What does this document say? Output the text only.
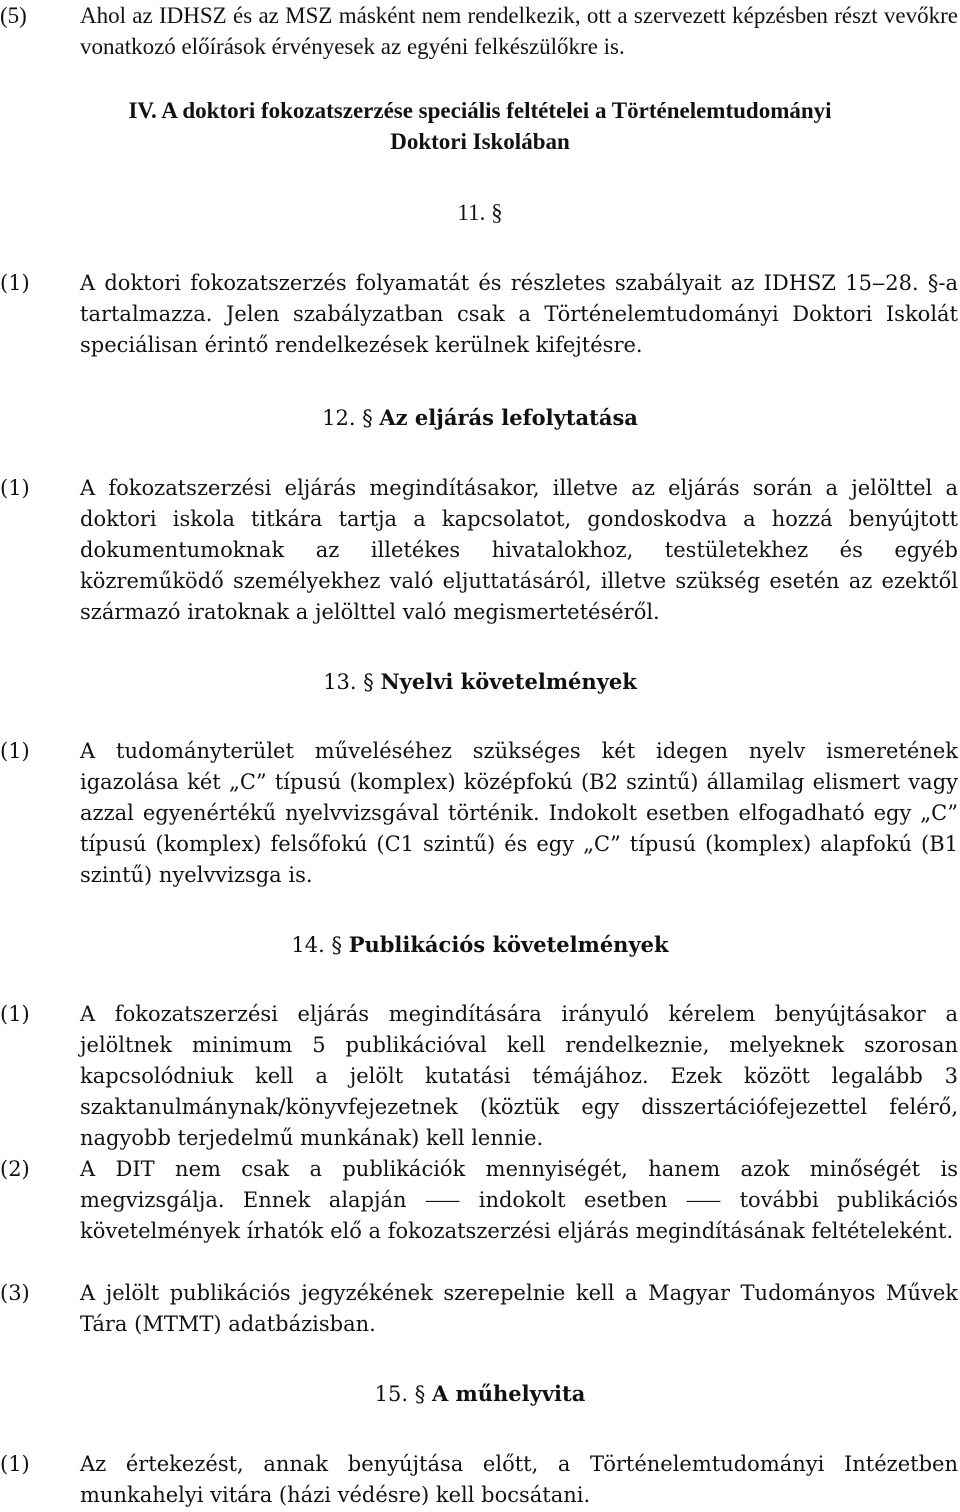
(5)	Ahol az IDHSZ és az MSZ másként nem rendelkezik, ott a szervezett képzésben részt vevőkre vonatkozó előírások érvényesek az egyéni felkészülőkre is.
IV. A doktori fokozatszerzése speciális feltételei a Történelemtudományi
Doktori Iskolában
11. §
(1)	A doktori fokozatszerzés folyamatát és részletes szabályait az IDHSZ 15‒28. §-a tartalmazza. Jelen szabályzatban csak a Történelemtudományi Doktori Iskolát speciálisan érintő rendelkezések kerülnek kifejtésre.
12. § Az eljárás lefolytatása
(1)	A fokozatszerzési eljárás megindításakor, illetve az eljárás során a jelölttel a doktori iskola titkára tartja a kapcsolatot, gondoskodva a hozzá benyújtott dokumentumoknak az illetékes hivatalokhoz, testületekhez és egyéb közreműködő személyekhez való eljuttatásáról, illetve szükség esetén az ezektől származó iratoknak a jelölttel való megismertetéséről.
13. § Nyelvi követelmények
(1)	A tudományterület műveléséhez szükséges két idegen nyelv ismeretének igazolása két „C” típusú (komplex) középfokú (B2 szintű) államilag elismert vagy azzal egyenértékű nyelvvizsgával történik. Indokolt esetben elfogadható egy „C” típusú (komplex) felsőfokú (C1 szintű) és egy „C” típusú (komplex) alapfokú (B1 szintű) nyelvvizsga is.
14. § Publikációs követelmények
(1)	A fokozatszerzési eljárás megindítására irányuló kérelem benyújtásakor a jelöltnek minimum 5 publikációval kell rendelkeznie, melyeknek szorosan kapcsolódniuk kell a jelölt kutatási témájához. Ezek között legalább 3 szaktanulmánynak/könyvfejezetnek (köztük egy disszertációfejezettel felérő, nagyobb terjedelmű munkának) kell lennie.
(2)	A DIT nem csak a publikációk mennyiségét, hanem azok minőségét is megvizsgálja. Ennek alapján ⸺ indokolt esetben ⸺ további publikációs követelmények írhatók elő a fokozatszerzési eljárás megindításának feltételeként.
(3)	A jelölt publikációs jegyzékének szerepelnie kell a Magyar Tudományos Művek Tára (MTMT) adatbázisban.
15. § A műhelyvita
(1)	Az értekezést, annak benyújtása előtt, a Történelemtudományi Intézetben munkahelyi vitára (házi védésre) kell bocsátani.
